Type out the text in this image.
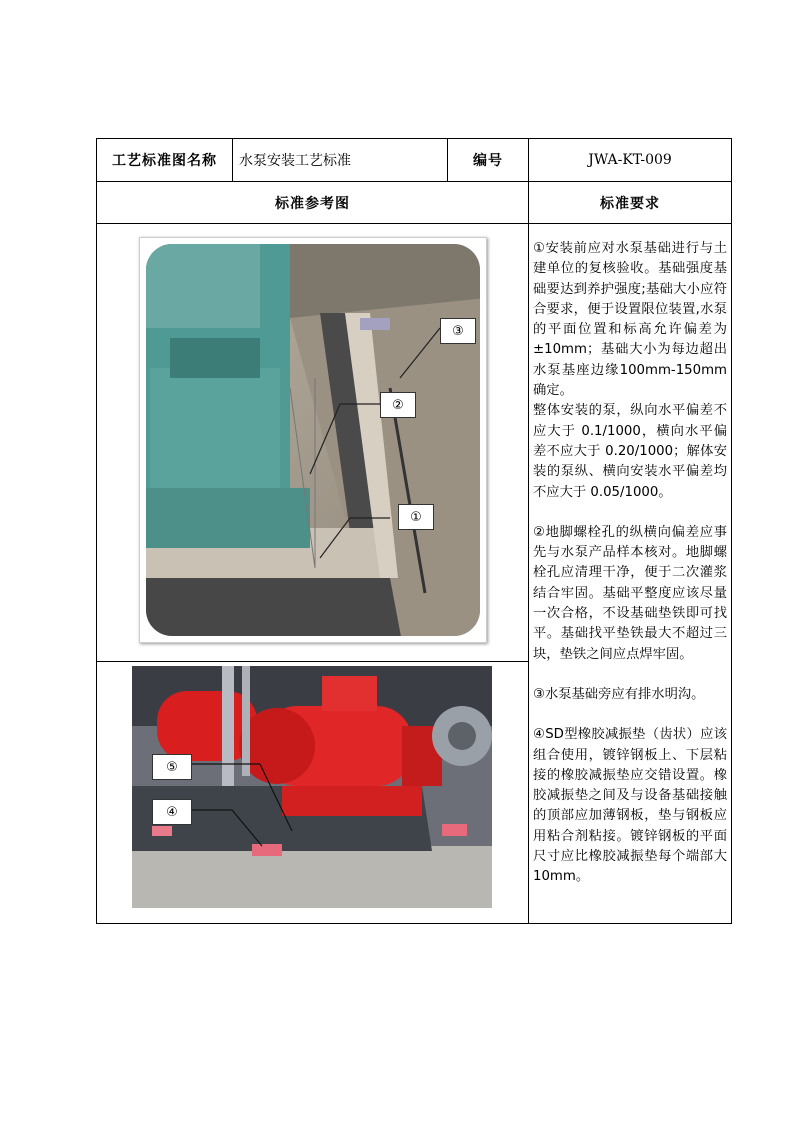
工艺标准图名称	水泵安装工艺标准	编号	JWA-KT-009
标准参考图	标准要求
①
②
③
⑤
④

①安装前应对水泵基础进行与土建单位的复核验收。基础强度基础要达到养护强度;基础大小应符合要求，便于设置限位装置,水泵的平面位置和标高允许偏差为±10mm；基础大小为每边超出水泵基座边缘100mm-150mm确定。

整体安装的泵，纵向水平偏差不应大于 0.1/1000，横向水平偏差不应大于 0.20/1000；解体安装的泵纵、横向安装水平偏差均不应大于 0.05/1000。

②地脚螺栓孔的纵横向偏差应事先与水泵产品样本核对。地脚螺栓孔应清理干净，便于二次灌浆结合牢固。基础平整度应该尽量一次合格，不设基础垫铁即可找平。基础找平垫铁最大不超过三块，垫铁之间应点焊牢固。

③水泵基础旁应有排水明沟。

④SD型橡胶减振垫（齿状）应该组合使用，镀锌钢板上、下层粘接的橡胶减振垫应交错设置。橡胶减振垫之间及与设备基础接触的顶部应加薄钢板，垫与钢板应用粘合剂粘接。镀锌钢板的平面尺寸应比橡胶减振垫每个端部大 10mm。
